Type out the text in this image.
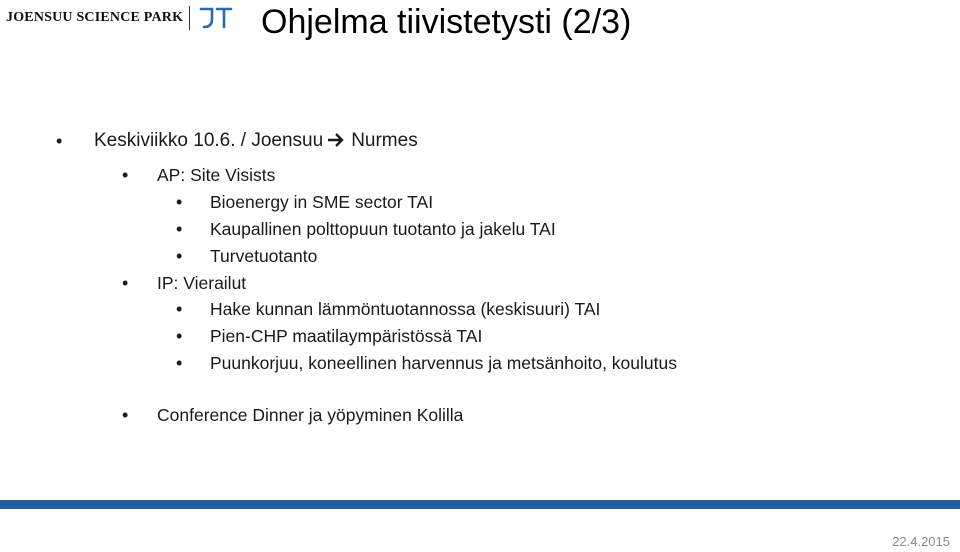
JOENSUU SCIENCE PARK Ohjelma tiivistetysti (2/3)
• Keskiviikko 10.6. / Joensuu Nurmes
• AP: Site Visists
• Bioenergy in SME sector TAI
• Kaupallinen polttopuun tuotanto ja jakelu TAI
• Turvetuotanto
• IP: Vierailut
• Hake kunnan lämmöntuotannossa (keskisuuri) TAI
• Pien-CHP maatilaympäristössä TAI
• Puunkorjuu, koneellinen harvennus ja metsänhoito, koulutus
• Conference Dinner ja yöpyminen Kolilla
22.4.2015
